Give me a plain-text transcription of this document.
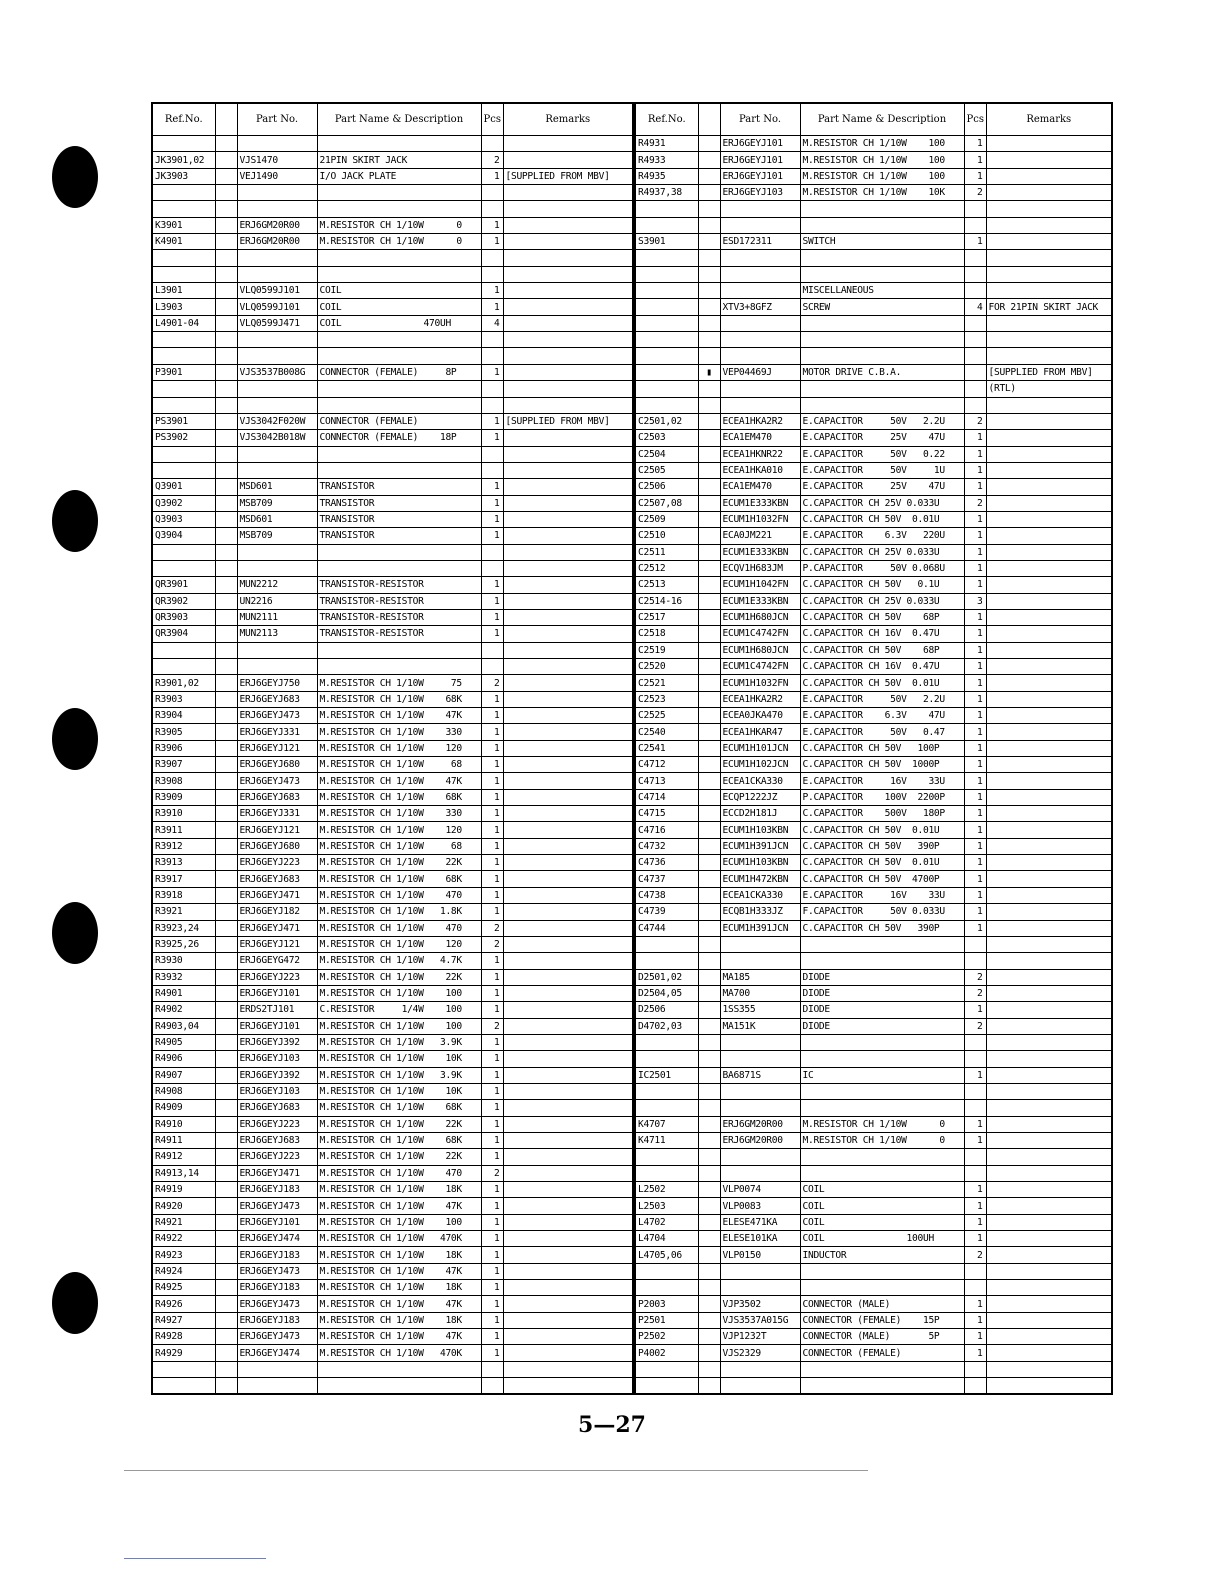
Ref.No.		Part No.	Part Name & Description	Pcs	Remarks

JK3901,02		VJS1470	21PIN SKIRT JACK	2	
JK3903		VEJ1490	I/O JACK PLATE	1	[SUPPLIED FROM MBV]

K3901		ERJ6GM20R00	M.RESISTOR CH 1/10W      0	1	
K4901		ERJ6GM20R00	M.RESISTOR CH 1/10W      0	1	

L3901		VLQ0599J101	COIL	1	
L3903		VLQ0599J101	COIL	1	
L4901-04		VLQ0599J471	COIL               470UH	4	

P3901		VJS3537B008G	CONNECTOR (FEMALE)     8P	1	

PS3901		VJS3042F020W	CONNECTOR (FEMALE)	1	[SUPPLIED FROM MBV]
PS3902		VJS3042B018W	CONNECTOR (FEMALE)    18P	1	

Q3901		MSD601	TRANSISTOR	1	
Q3902		MSB709	TRANSISTOR	1	
Q3903		MSD601	TRANSISTOR	1	
Q3904		MSB709	TRANSISTOR	1	

QR3901		MUN2212	TRANSISTOR-RESISTOR	1	
QR3902		UN2216	TRANSISTOR-RESISTOR	1	
QR3903		MUN2111	TRANSISTOR-RESISTOR	1	
QR3904		MUN2113	TRANSISTOR-RESISTOR	1	

R3901,02		ERJ6GEYJ750	M.RESISTOR CH 1/10W     75	2	
R3903		ERJ6GEYJ683	M.RESISTOR CH 1/10W    68K	1	
R3904		ERJ6GEYJ473	M.RESISTOR CH 1/10W    47K	1	
R3905		ERJ6GEYJ331	M.RESISTOR CH 1/10W    330	1	
R3906		ERJ6GEYJ121	M.RESISTOR CH 1/10W    120	1	
R3907		ERJ6GEYJ680	M.RESISTOR CH 1/10W     68	1	
R3908		ERJ6GEYJ473	M.RESISTOR CH 1/10W    47K	1	
R3909		ERJ6GEYJ683	M.RESISTOR CH 1/10W    68K	1	
R3910		ERJ6GEYJ331	M.RESISTOR CH 1/10W    330	1	
R3911		ERJ6GEYJ121	M.RESISTOR CH 1/10W    120	1	
R3912		ERJ6GEYJ680	M.RESISTOR CH 1/10W     68	1	
R3913		ERJ6GEYJ223	M.RESISTOR CH 1/10W    22K	1	
R3917		ERJ6GEYJ683	M.RESISTOR CH 1/10W    68K	1	
R3918		ERJ6GEYJ471	M.RESISTOR CH 1/10W    470	1	
R3921		ERJ6GEYJ182	M.RESISTOR CH 1/10W   1.8K	1	
R3923,24		ERJ6GEYJ471	M.RESISTOR CH 1/10W    470	2	
R3925,26		ERJ6GEYJ121	M.RESISTOR CH 1/10W    120	2	
R3930		ERJ6GEYG472	M.RESISTOR CH 1/10W   4.7K	1	
R3932		ERJ6GEYJ223	M.RESISTOR CH 1/10W    22K	1	
R4901		ERJ6GEYJ101	M.RESISTOR CH 1/10W    100	1	
R4902		ERDS2TJ101	C.RESISTOR     1/4W    100	1	
R4903,04		ERJ6GEYJ101	M.RESISTOR CH 1/10W    100	2	
R4905		ERJ6GEYJ392	M.RESISTOR CH 1/10W   3.9K	1	
R4906		ERJ6GEYJ103	M.RESISTOR CH 1/10W    10K	1	
R4907		ERJ6GEYJ392	M.RESISTOR CH 1/10W   3.9K	1	
R4908		ERJ6GEYJ103	M.RESISTOR CH 1/10W    10K	1	
R4909		ERJ6GEYJ683	M.RESISTOR CH 1/10W    68K	1	
R4910		ERJ6GEYJ223	M.RESISTOR CH 1/10W    22K	1	
R4911		ERJ6GEYJ683	M.RESISTOR CH 1/10W    68K	1	
R4912		ERJ6GEYJ223	M.RESISTOR CH 1/10W    22K	1	
R4913,14		ERJ6GEYJ471	M.RESISTOR CH 1/10W    470	2	
R4919		ERJ6GEYJ183	M.RESISTOR CH 1/10W    18K	1	
R4920		ERJ6GEYJ473	M.RESISTOR CH 1/10W    47K	1	
R4921		ERJ6GEYJ101	M.RESISTOR CH 1/10W    100	1	
R4922		ERJ6GEYJ474	M.RESISTOR CH 1/10W   470K	1	
R4923		ERJ6GEYJ183	M.RESISTOR CH 1/10W    18K	1	
R4924		ERJ6GEYJ473	M.RESISTOR CH 1/10W    47K	1	
R4925		ERJ6GEYJ183	M.RESISTOR CH 1/10W    18K	1	
R4926		ERJ6GEYJ473	M.RESISTOR CH 1/10W    47K	1	
R4927		ERJ6GEYJ183	M.RESISTOR CH 1/10W    18K	1	
R4928		ERJ6GEYJ473	M.RESISTOR CH 1/10W    47K	1	
R4929		ERJ6GEYJ474	M.RESISTOR CH 1/10W   470K	1	

Ref.No.		Part No.	Part Name & Description	Pcs	Remarks
R4931		ERJ6GEYJ101	M.RESISTOR CH 1/10W    100	1	
R4933		ERJ6GEYJ101	M.RESISTOR CH 1/10W    100	1	
R4935		ERJ6GEYJ101	M.RESISTOR CH 1/10W    100	1	
R4937,38		ERJ6GEYJ103	M.RESISTOR CH 1/10W    10K	2	

S3901		ESD172311	SWITCH	1	

			MISCELLANEOUS		
		XTV3+8GFZ	SCREW	4	FOR 21PIN SKIRT JACK

	▮	VEP04469J	MOTOR DRIVE C.B.A.		[SUPPLIED FROM MBV]
					(RTL)

C2501,02		ECEA1HKA2R2	E.CAPACITOR     50V   2.2U	2	
C2503		ECA1EM470	E.CAPACITOR     25V    47U	1	
C2504		ECEA1HKNR22	E.CAPACITOR     50V   0.22	1	
C2505		ECEA1HKA010	E.CAPACITOR     50V     1U	1	
C2506		ECA1EM470	E.CAPACITOR     25V    47U	1	
C2507,08		ECUM1E333KBN	C.CAPACITOR CH 25V 0.033U	2	
C2509		ECUM1H1032FN	C.CAPACITOR CH 50V  0.01U	1	
C2510		ECA0JM221	E.CAPACITOR    6.3V   220U	1	
C2511		ECUM1E333KBN	C.CAPACITOR CH 25V 0.033U	1	
C2512		ECQV1H683JM	P.CAPACITOR     50V 0.068U	1	
C2513		ECUM1H1042FN	C.CAPACITOR CH 50V   0.1U	1	
C2514-16		ECUM1E333KBN	C.CAPACITOR CH 25V 0.033U	3	
C2517		ECUM1H680JCN	C.CAPACITOR CH 50V    68P	1	
C2518		ECUM1C4742FN	C.CAPACITOR CH 16V  0.47U	1	
C2519		ECUM1H680JCN	C.CAPACITOR CH 50V    68P	1	
C2520		ECUM1C4742FN	C.CAPACITOR CH 16V  0.47U	1	
C2521		ECUM1H1032FN	C.CAPACITOR CH 50V  0.01U	1	
C2523		ECEA1HKA2R2	E.CAPACITOR     50V   2.2U	1	
C2525		ECEA0JKA470	E.CAPACITOR    6.3V    47U	1	
C2540		ECEA1HKAR47	E.CAPACITOR     50V   0.47	1	
C2541		ECUM1H101JCN	C.CAPACITOR CH 50V   100P	1	
C4712		ECUM1H102JCN	C.CAPACITOR CH 50V  1000P	1	
C4713		ECEA1CKA330	E.CAPACITOR     16V    33U	1	
C4714		ECQP1222JZ	P.CAPACITOR    100V  2200P	1	
C4715		ECCD2H181J	C.CAPACITOR    500V   180P	1	
C4716		ECUM1H103KBN	C.CAPACITOR CH 50V  0.01U	1	
C4732		ECUM1H391JCN	C.CAPACITOR CH 50V   390P	1	
C4736		ECUM1H103KBN	C.CAPACITOR CH 50V  0.01U	1	
C4737		ECUM1H472KBN	C.CAPACITOR CH 50V  4700P	1	
C4738		ECEA1CKA330	E.CAPACITOR     16V    33U	1	
C4739		ECQB1H333JZ	F.CAPACITOR     50V 0.033U	1	
C4744		ECUM1H391JCN	C.CAPACITOR CH 50V   390P	1	

D2501,02		MA185	DIODE	2	
D2504,05		MA700	DIODE	2	
D2506		1SS355	DIODE	1	
D4702,03		MA151K	DIODE	2	

IC2501		BA6871S	IC	1	

K4707		ERJ6GM20R00	M.RESISTOR CH 1/10W      0	1	
K4711		ERJ6GM20R00	M.RESISTOR CH 1/10W      0	1	

L2502		VLP0074	COIL	1	
L2503		VLP0083	COIL	1	
L4702		ELESE471KA	COIL	1	
L4704		ELESE101KA	COIL               100UH	1	
L4705,06		VLP0150	INDUCTOR	2	

P2003		VJP3502	CONNECTOR (MALE)	1	
P2501		VJS3537A015G	CONNECTOR (FEMALE)    15P	1	
P2502		VJP1232T	CONNECTOR (MALE)       5P	1	
P4002		VJS2329	CONNECTOR (FEMALE)	1	

5—27
